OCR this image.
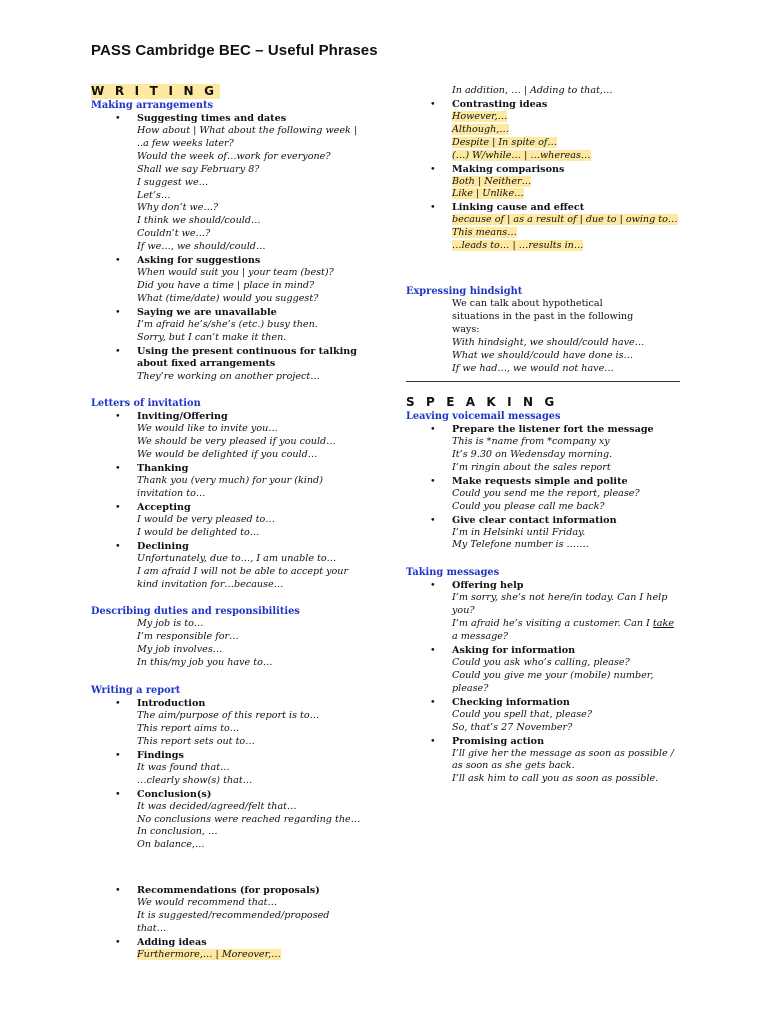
PASS Cambridge BEC – Useful Phrases
W R I T I N G
Making arrangements
• Suggesting times and dates
How about | What about the following week |
..a few weeks later?
Would the week of…work for everyone?
Shall we say February 8?
I suggest we…
Let’s…
Why don’t we…?
I think we should/could…
Couldn’t we…?
If we…, we should/could…
• Asking for suggestions
When would suit you | your team (best)?
Did you have a time | place in mind?
What (time/date) would you suggest?
• Saying we are unavailable
I’m afraid he’s/she’s (etc.) busy then.
Sorry, but I can’t make it then.
• Using the present continuous for talking
about fixed arrangements
They’re working on another project…
Letters of invitation
• Inviting/Offering
We would like to invite you…
We should be very pleased if you could…
We would be delighted if you could…
• Thanking
Thank you (very much) for your (kind)
invitation to…
• Accepting
I would be very pleased to…
I would be delighted to…
• Declining
Unfortunately, due to…, I am unable to…
I am afraid I will not be able to accept your
kind invitation for…because…
Describing duties and responsibilities
My job is to…
I’m responsible for…
My job involves…
In this/my job you have to…
Writing a report
• Introduction
The aim/purpose of this report is to…
This report aims to…
This report sets out to…
• Findings
It was found that…
…clearly show(s) that…
• Conclusion(s)
It was decided/agreed/felt that…
No conclusions were reached regarding the…
In conclusion, …
On balance,…
• Recommendations (for proposals)
We would recommend that…
It is suggested/recommended/proposed
that…
• Adding ideas
Furthermore,… | Moreover,…
In addition, … | Adding to that,…
• Contrasting ideas
However,…
Although,…
Despite | In spite of…
(…) W/while… | …whereas…
• Making comparisons
Both | Neither…
Like | Unlike…
• Linking cause and effect
because of | as a result of | due to | owing to…
This means…
…leads to… | …results in…
Expressing hindsight
We can talk about hypothetical
situations in the past in the following
ways:
With hindsight, we should/could have…
What we should/could have done is…
If we had…, we would not have…
S P E A K I N G
Leaving voicemail messages
• Prepare the listener fort the message
This is *name from *company xy
It’s 9.30 on Wedensday morning.
I’m ringin about the sales report
• Make requests simple and polite
Could you send me the report, please?
Could you please call me back?
• Give clear contact information
I’m in Helsinki until Friday.
My Telefone number is …….
Taking messages
• Offering help
I’m sorry, she’s not here/in today. Can I help
you?
I’m afraid he’s visiting a customer. Can I take
a message?
• Asking for information
Could you ask who’s calling, please?
Could you give me your (mobile) number,
please?
• Checking information
Could you spell that, please?
So, that’s 27 November?
• Promising action
I’ll give her the message as soon as possible /
as soon as she gets back.
I’ll ask him to call you as soon as possible.
